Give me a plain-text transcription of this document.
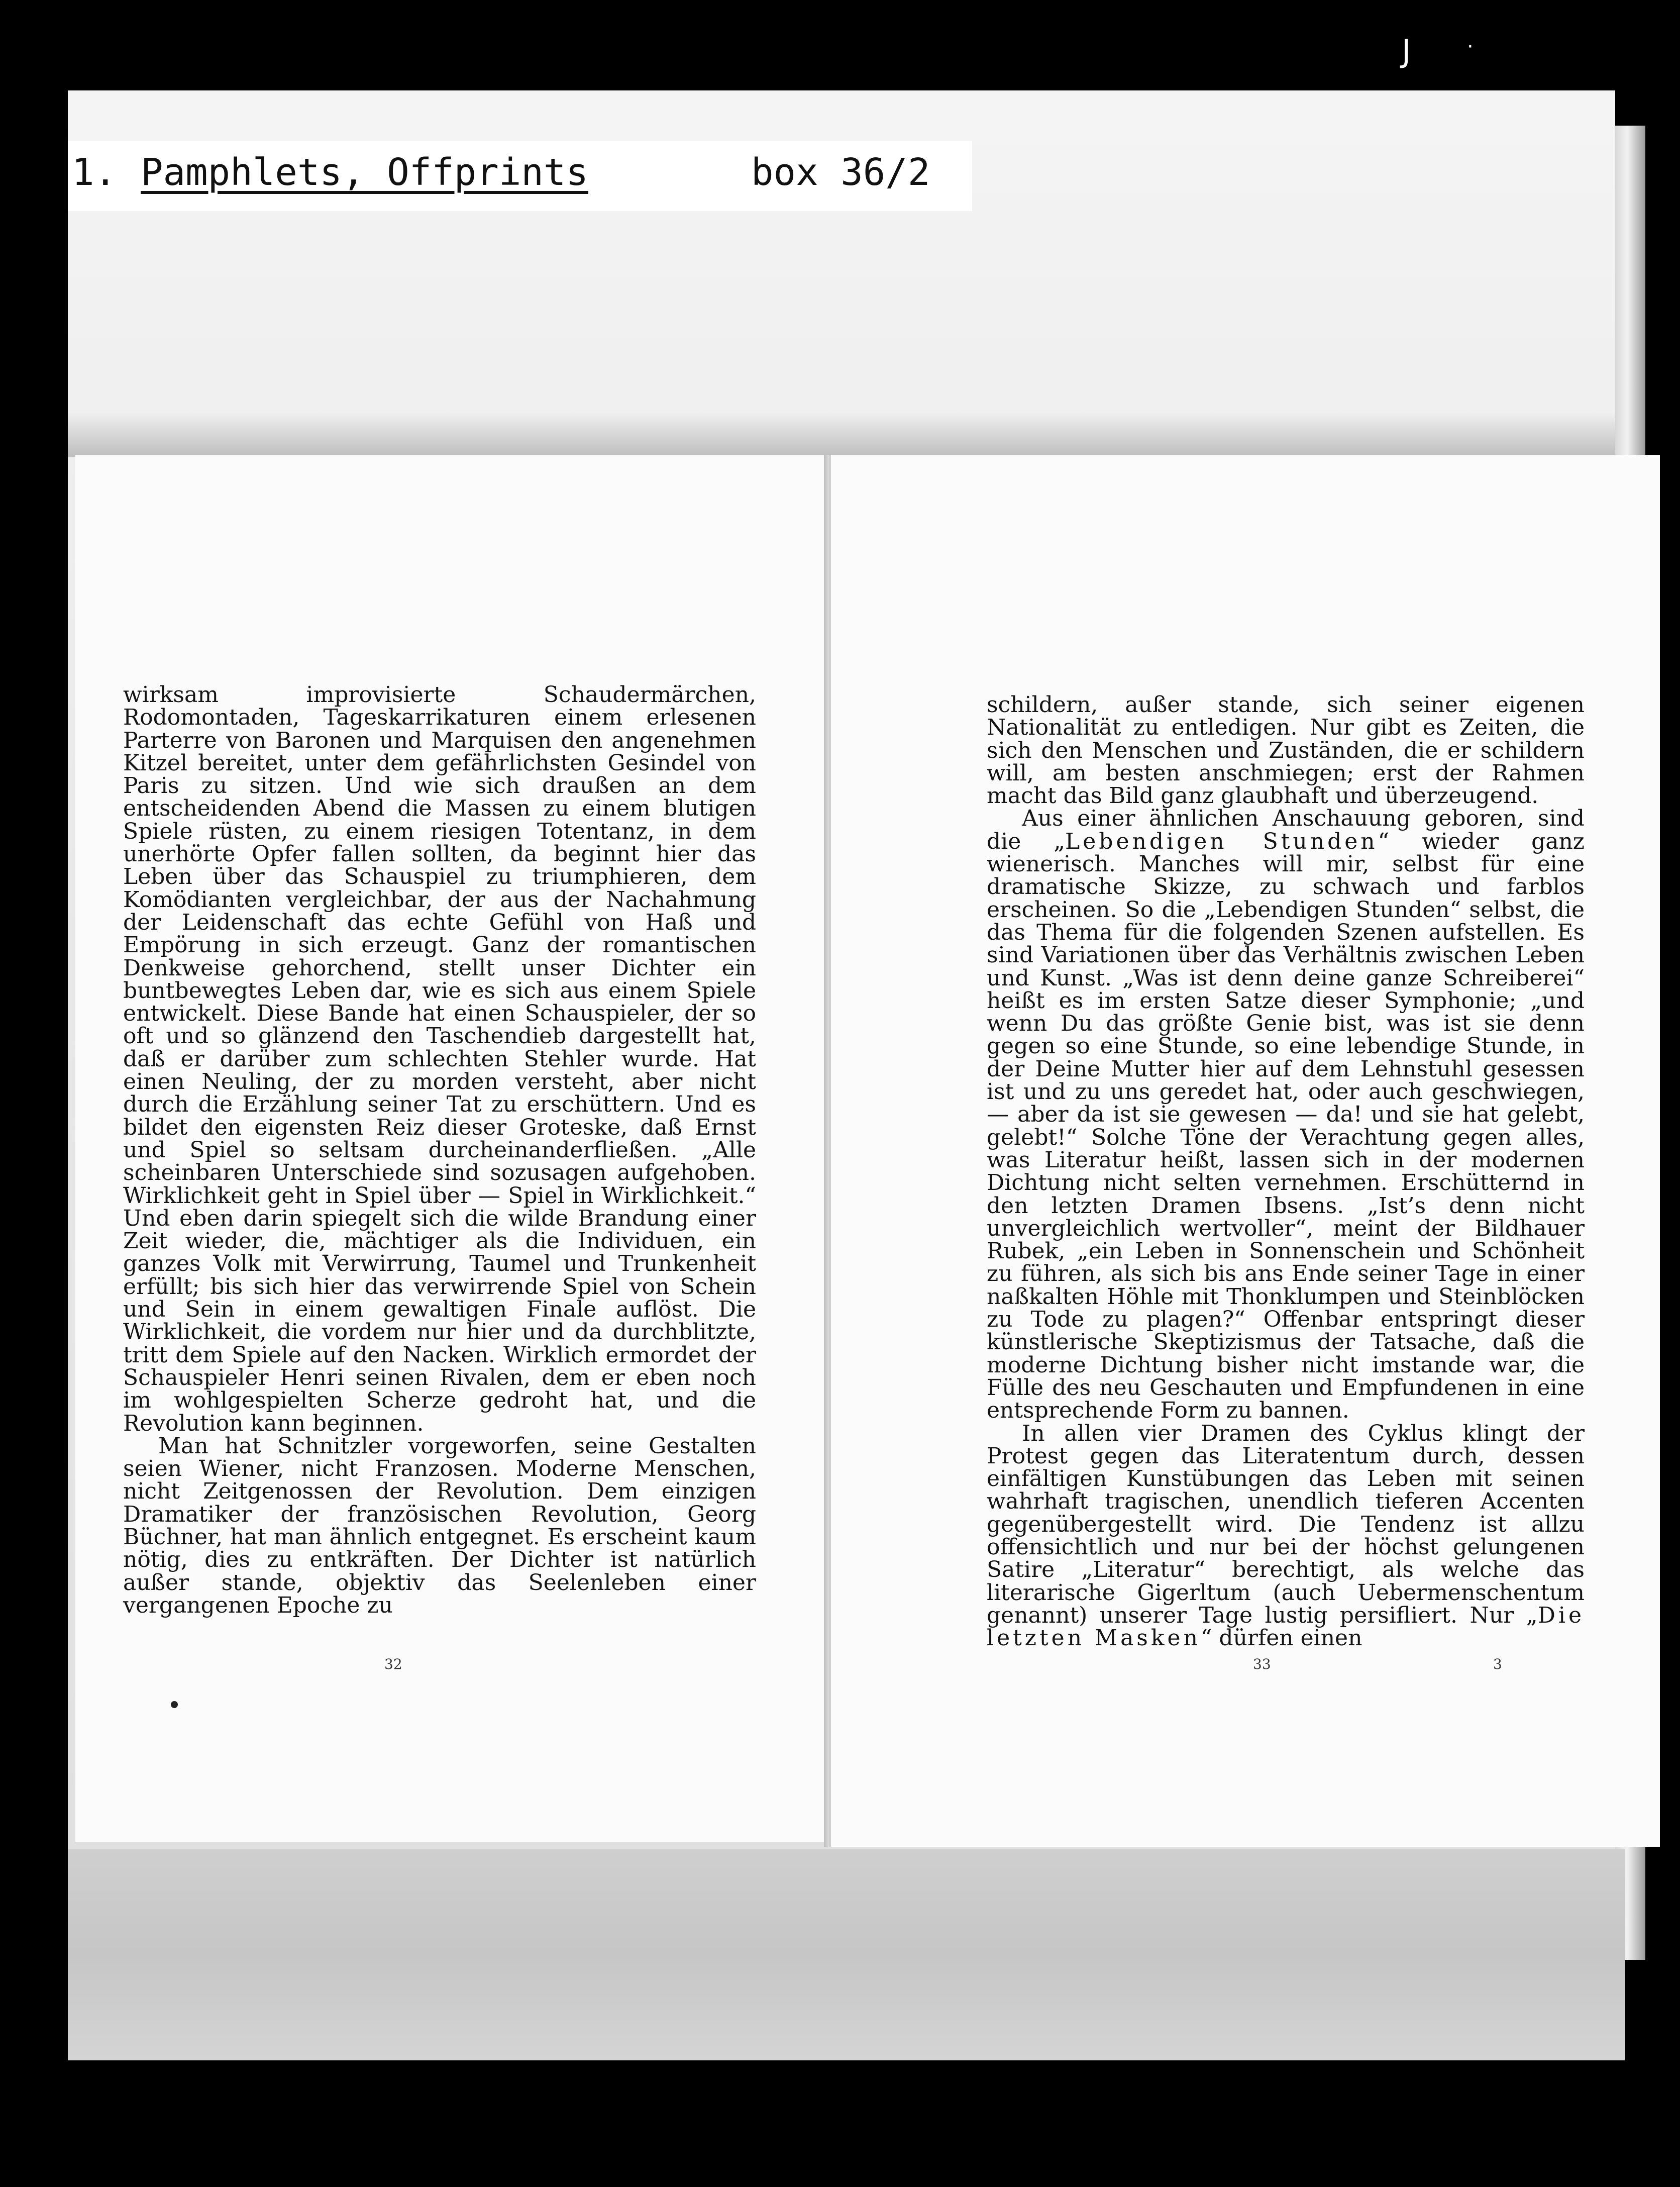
J	·
1. Pamphlets, Offprints	box 36/2

wirksam improvisierte Schaudermärchen, Rodomontaden, Tageskarrikaturen einem erlesenen Parterre von Baronen und Marquisen den angenehmen Kitzel bereitet, unter dem gefährlichsten Gesindel von Paris zu sitzen. Und wie sich draußen an dem entscheidenden Abend die Massen zu einem blutigen Spiele rüsten, zu einem riesigen Totentanz, in dem unerhörte Opfer fallen sollten, da beginnt hier das Leben über das Schauspiel zu triumphieren, dem Komödianten vergleichbar, der aus der Nachahmung der Leidenschaft das echte Gefühl von Haß und Empörung in sich erzeugt. Ganz der romantischen Denkweise gehorchend, stellt unser Dichter ein buntbewegtes Leben dar, wie es sich aus einem Spiele entwickelt. Diese Bande hat einen Schauspieler, der so oft und so glänzend den Taschendieb dargestellt hat, daß er darüber zum schlechten Stehler wurde. Hat einen Neuling, der zu morden versteht, aber nicht durch die Erzählung seiner Tat zu erschüttern. Und es bildet den eigensten Reiz dieser Groteske, daß Ernst und Spiel so seltsam durcheinanderfließen. „Alle scheinbaren Unterschiede sind sozusagen aufgehoben. Wirklichkeit geht in Spiel über — Spiel in Wirklichkeit.“ Und eben darin spiegelt sich die wilde Brandung einer Zeit wieder, die, mächtiger als die Individuen, ein ganzes Volk mit Verwirrung, Taumel und Trunkenheit erfüllt; bis sich hier das verwirrende Spiel von Schein und Sein in einem gewaltigen Finale auflöst. Die Wirklichkeit, die vordem nur hier und da durchblitzte, tritt dem Spiele auf den Nacken. Wirklich ermordet der Schauspieler Henri seinen Rivalen, dem er eben noch im wohlgespielten Scherze gedroht hat, und die Revolution kann beginnen.

Man hat Schnitzler vorgeworfen, seine Gestalten seien Wiener, nicht Franzosen. Moderne Menschen, nicht Zeitgenossen der Revolution. Dem einzigen Dramatiker der französischen Revolution, Georg Büchner, hat man ähnlich entgegnet. Es erscheint kaum nötig, dies zu entkräften. Der Dichter ist natürlich außer stande, objektiv das Seelenleben einer vergangenen Epoche zu

32

schildern, außer stande, sich seiner eigenen Nationalität zu entledigen. Nur gibt es Zeiten, die sich den Menschen und Zuständen, die er schildern will, am besten anschmiegen; erst der Rahmen macht das Bild ganz glaubhaft und überzeugend.

Aus einer ähnlichen Anschauung geboren, sind die „Lebendigen Stunden“ wieder ganz wienerisch. Manches will mir, selbst für eine dramatische Skizze, zu schwach und farblos erscheinen. So die „Lebendigen Stunden“ selbst, die das Thema für die folgenden Szenen aufstellen. Es sind Variationen über das Verhältnis zwischen Leben und Kunst. „Was ist denn deine ganze Schreiberei“ heißt es im ersten Satze dieser Symphonie; „und wenn Du das größte Genie bist, was ist sie denn gegen so eine Stunde, so eine lebendige Stunde, in der Deine Mutter hier auf dem Lehnstuhl gesessen ist und zu uns geredet hat, oder auch geschwiegen, — aber da ist sie gewesen — da! und sie hat gelebt, gelebt!“ Solche Töne der Verachtung gegen alles, was Literatur heißt, lassen sich in der modernen Dichtung nicht selten vernehmen. Erschütternd in den letzten Dramen Ibsens. „Ist’s denn nicht unvergleichlich wertvoller“, meint der Bildhauer Rubek, „ein Leben in Sonnenschein und Schönheit zu führen, als sich bis ans Ende seiner Tage in einer naßkalten Höhle mit Thonklumpen und Steinblöcken zu Tode zu plagen?“ Offenbar entspringt dieser künstlerische Skeptizismus der Tatsache, daß die moderne Dichtung bisher nicht imstande war, die Fülle des neu Geschauten und Empfundenen in eine entsprechende Form zu bannen.

In allen vier Dramen des Cyklus klingt der Protest gegen das Literatentum durch, dessen einfältigen Kunstübungen das Leben mit seinen wahrhaft tragischen, unendlich tieferen Accenten gegenübergestellt wird. Die Tendenz ist allzu offensichtlich und nur bei der höchst gelungenen Satire „Literatur“ berechtigt, als welche das literarische Gigerltum (auch Uebermenschentum genannt) unserer Tage lustig persifliert. Nur „Die letzten Masken“ dürfen einen

33	3
